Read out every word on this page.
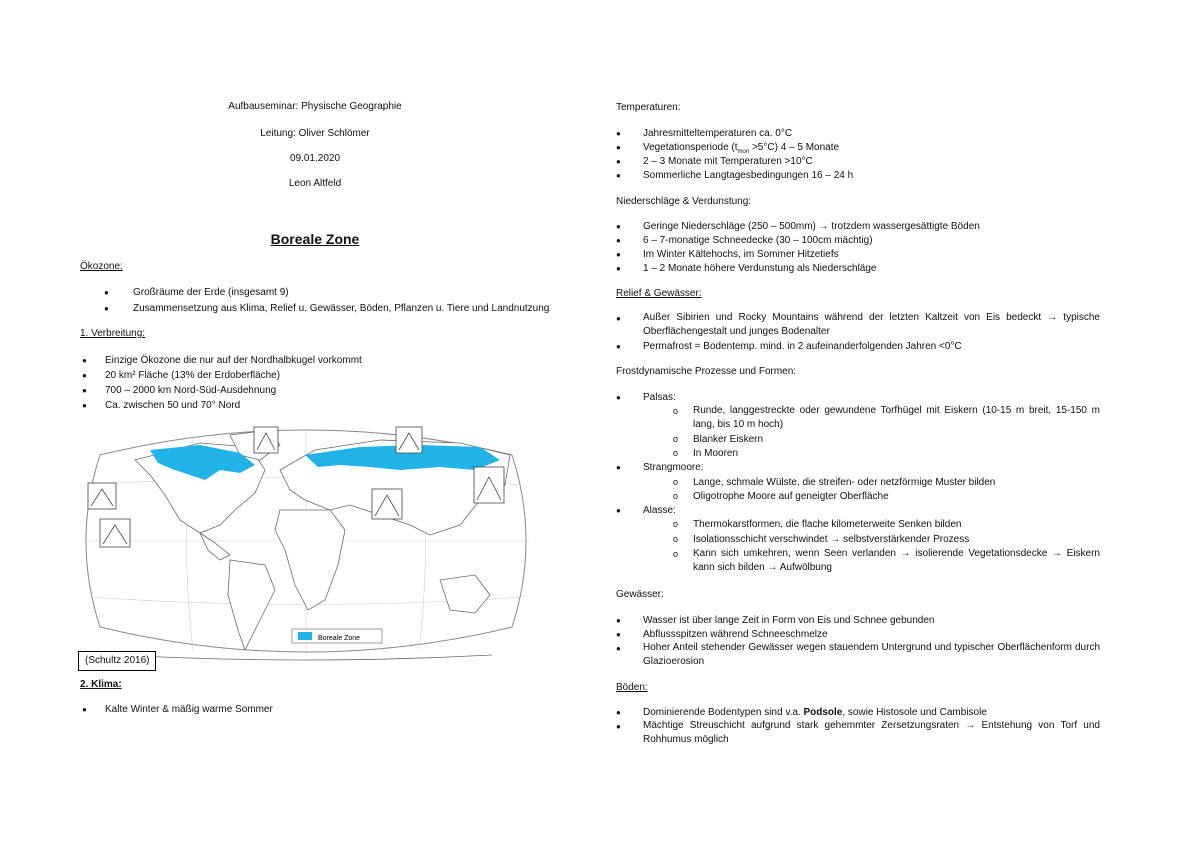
Aufbauseminar: Physische Geographie
Leitung: Oliver Schlömer
09.01.2020
Leon Altfeld
Boreale Zone
Ökozone:
● Großräume der Erde (insgesamt 9)
● Zusammensetzung aus Klima, Relief u. Gewässer, Böden, Pflanzen u. Tiere und Landnutzung
1. Verbreitung:
● Einzige Ökozone die nur auf der Nordhalbkugel vorkommt
● 20 km² Fläche (13% der Erdoberfläche)
● 700 – 2000 km Nord-Süd-Ausdehnung
● Ca. zwischen 50 und 70° Nord
Boreale Zone
(Schultz 2016)
2. Klima:
● Kalte Winter & mäßig warme Sommer
Temperaturen:
● Jahresmitteltemperaturen ca. 0°C
● Vegetationsperiode $(t_{mon} >5^\circ C)$ 4 – 5 Monate
● 2 – 3 Monate mit Temperaturen >10°C
● Sommerliche Langtagesbedingungen 16 – 24 h
Niederschläge & Verdunstung:
● Geringe Niederschläge (250 – 500mm) → trotzdem wassergesättigte Böden
● 6 – 7-monatige Schneedecke (30 – 100cm mächtig)
● Im Winter Kältehochs, im Sommer Hitzetiefs
● 1 – 2 Monate höhere Verdunstung als Niederschläge
Relief & Gewässer:
● Außer Sibirien und Rocky Mountains während der letzten Kaltzeit von Eis bedeckt → typische Oberflächengestalt und junges Bodenalter
● Permafrost = Bodentemp. mind. in 2 aufeinanderfolgenden Jahren <0°C
Frostdynamische Prozesse und Formen:
● Palsas:
o Runde, langgestreckte oder gewundene Torfhügel mit Eiskern (10-15 m breit, 15-150 m lang, bis 10 m hoch)
o Blanker Eiskern
o In Mooren
● Strangmoore:
o Lange, schmale Wülste, die streifen- oder netzförmige Muster bilden
o Oligotrophe Moore auf geneigter Oberfläche
● Alasse:
o Thermokarstformen, die flache kilometerweite Senken bilden
o Isolationsschicht verschwindet → selbstverstärkender Prozess
o Kann sich umkehren, wenn Seen verlanden → isolierende Vegetationsdecke → Eiskern kann sich bilden → Aufwölbung
Gewässer:
● Wasser ist über lange Zeit in Form von Eis und Schnee gebunden
● Abflussspitzen während Schneeschmelze
● Hoher Anteil stehender Gewässer wegen stauendem Untergrund und typischer Oberflächenform durch Glazioerosion
Böden:
● Dominierende Bodentypen sind v.a. Podsole, sowie Histosole und Cambisole
● Mächtige Streuschicht aufgrund stark gehemmter Zersetzungsraten → Entstehung von Torf und Rohhumus möglich
